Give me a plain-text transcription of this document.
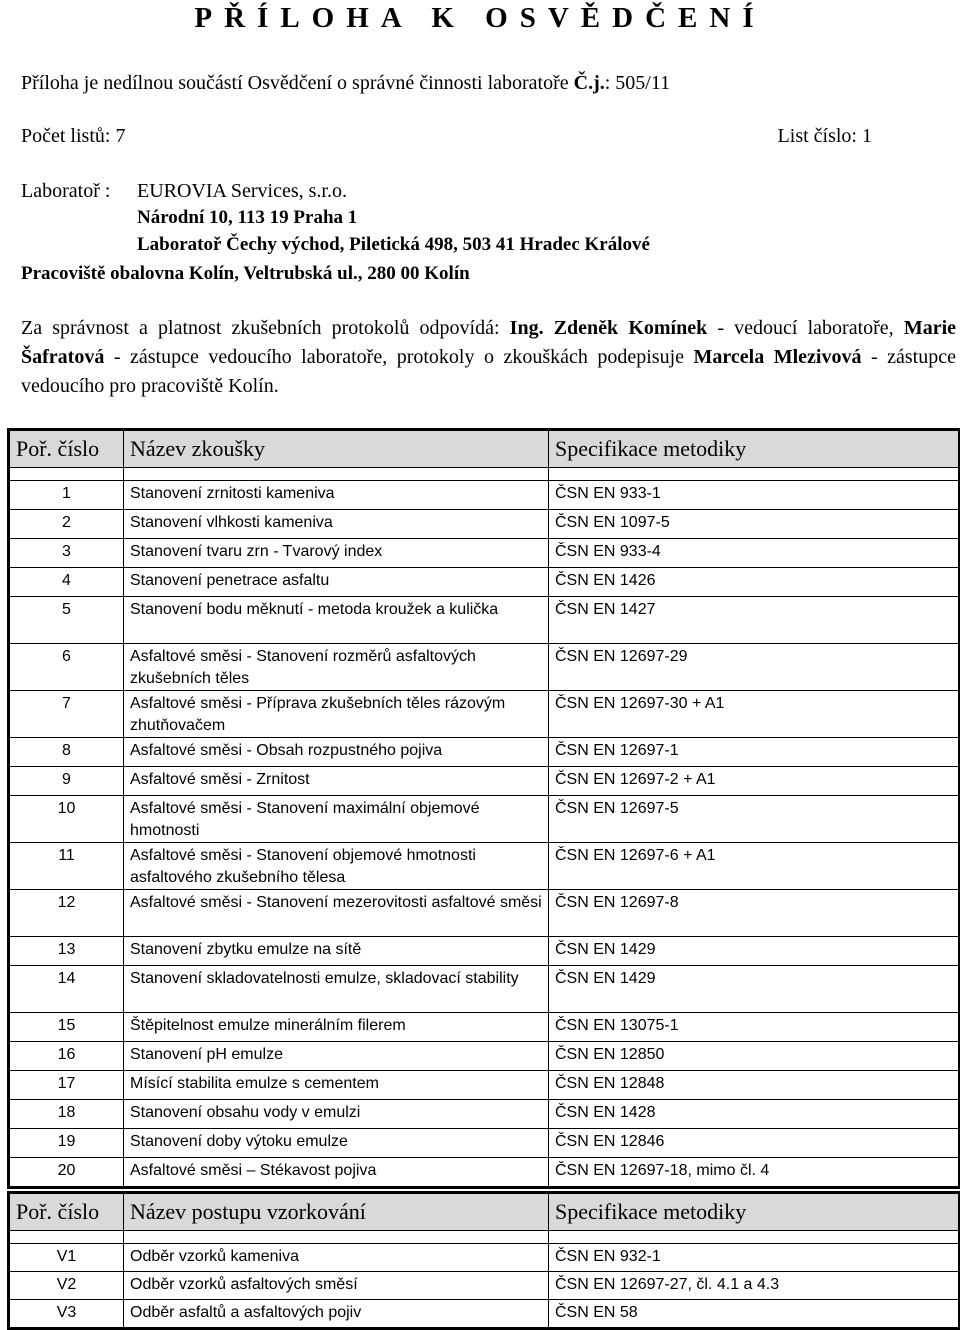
PŘÍLOHA K OSVĚDČENÍ
Příloha je nedílnou součástí Osvědčení o správné činnosti laboratoře Č.j.: 505/11
Počet listů: 7	List číslo: 1
Laboratoř : EUROVIA Services, s.r.o.
Národní 10, 113 19 Praha 1
Laboratoř Čechy východ, Piletická 498, 503 41 Hradec Králové
Pracoviště obalovna Kolín, Veltrubská ul., 280 00 Kolín
Za správnost a platnost zkušebních protokolů odpovídá: Ing. Zdeněk Komínek - vedoucí laboratoře, Marie Šafratová - zástupce vedoucího laboratoře, protokoly o zkouškách podepisuje Marcela Mlezivová - zástupce vedoucího pro pracoviště Kolín.
Poř. číslo	Název zkoušky	Specifikace metodiky

1	Stanovení zrnitosti kameniva	ČSN EN 933-1
2	Stanovení vlhkosti kameniva	ČSN EN 1097-5
3	Stanovení tvaru zrn - Tvarový index	ČSN EN 933-4
4	Stanovení penetrace asfaltu	ČSN EN 1426
5	Stanovení bodu měknutí - metoda kroužek a kulička	ČSN EN 1427
6	Asfaltové směsi - Stanovení rozměrů asfaltových zkušebních těles	ČSN EN 12697-29
7	Asfaltové směsi - Příprava zkušebních těles rázovým zhutňovačem	ČSN EN 12697-30 + A1
8	Asfaltové směsi - Obsah rozpustného pojiva	ČSN EN 12697-1
9	Asfaltové směsi - Zrnitost	ČSN EN 12697-2 + A1
10	Asfaltové směsi - Stanovení maximální objemové hmotnosti	ČSN EN 12697-5
11	Asfaltové směsi - Stanovení objemové hmotnosti asfaltového zkušebního tělesa	ČSN EN 12697-6 + A1
12	Asfaltové směsi - Stanovení mezerovitosti asfaltové směsi	ČSN EN 12697-8
13	Stanovení zbytku emulze na sítě	ČSN EN 1429
14	Stanovení skladovatelnosti emulze, skladovací stability	ČSN EN 1429
15	Štěpitelnost emulze minerálním filerem	ČSN EN 13075-1
16	Stanovení pH emulze	ČSN EN 12850
17	Mísící stabilita emulze s cementem	ČSN EN 12848
18	Stanovení obsahu vody v emulzi	ČSN EN 1428
19	Stanovení doby výtoku emulze	ČSN EN 12846
20	Asfaltové směsi – Stékavost pojiva	ČSN EN 12697-18, mimo čl. 4
Poř. číslo	Název postupu vzorkování	Specifikace metodiky

V1	Odběr vzorků kameniva	ČSN EN 932-1
V2	Odběr vzorků asfaltových směsí	ČSN EN 12697-27, čl. 4.1 a 4.3
V3	Odběr asfaltů a asfaltových pojiv	ČSN EN 58
